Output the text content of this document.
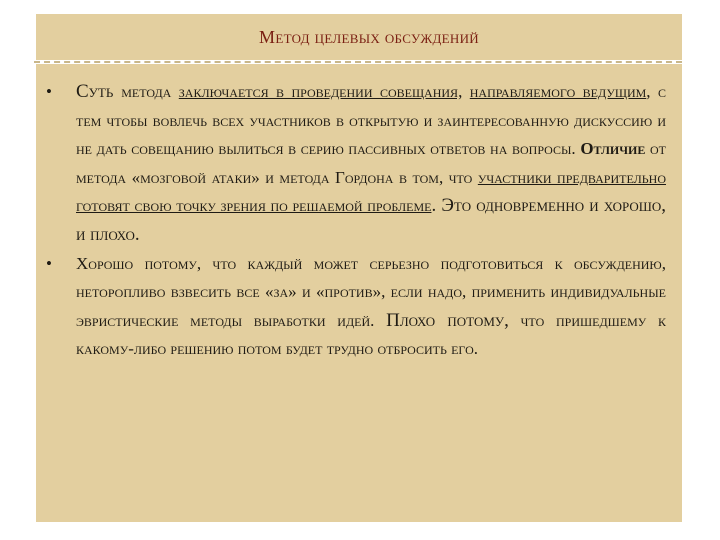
Метод целевых обсуждений

• Суть метода заключается в проведении совещания, направляемого ведущим, с тем чтобы вовлечь всех участников в открытую и заинтересованную дискуссию и не дать совещанию вылиться в серию пассивных ответов на вопросы. Отличие от метода «мозговой атаки» и метода Гордона в том, что участники предварительно готовят свою точку зрения по решаемой проблеме. Это одновременно и хорошо, и плохо.

• Хорошо потому, что каждый может серьезно подготовиться к обсуждению, неторопливо взвесить все «за» и «против», если надо, применить индивидуальные эвристические методы выработки идей. Плохо потому, что пришедшему к какому-либо решению потом будет трудно отбросить его.
